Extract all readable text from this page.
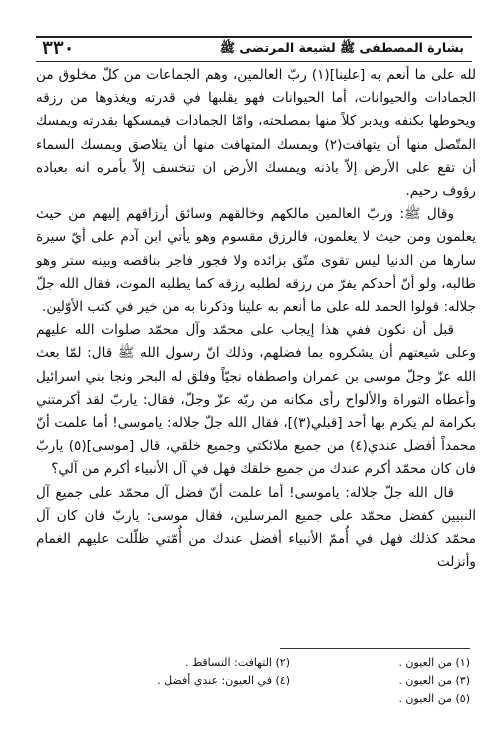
بشارة المصطفى ﷺ لشيعة المرتضى ﷺ
٣٣٠

لله على ما أنعم به [علينا](١) ربّ العالمين، وهم الجماعات من كلّ مخلوق من الجمادات والحيوانات، أما الحيوانات فهو يقلبها في قدرته ويغذوها من رزقه ويحوطها بكنفه ويدبر كلاً منها بمصلحته، وامّا الجمادات فيمسكها بقدرته ويمسك المتّصل منها أن يتهافت(٢) ويمسك المتهافت منها أن يتلاصق ويمسك السماء أن تقع على الأرض إلاّ باذنه ويمسك الأرض ان تنخسف إلاّ بأمره انه بعباده رؤوف رحيم.

وقال ﷺ: وربّ العالمين مالكهم وخالقهم وسائق أرزاقهم إليهم من حيث يعلمون ومن حيث لا يعلمون، فالرزق مقسوم وهو يأتي ابن آدم على أيّ سيرة سارها من الدنيا ليس تقوى متّق بزائده ولا فجور فاجر بناقصه وبينه ستر وهو طالبه، ولو أنّ أحدكم يفرّ من رزقه لطلبه رزقه كما يطلبه الموت، فقال الله جلّ جلاله: قولوا الحمد لله على ما أنعم به علينا وذكرنا به من خير في كتب الأوّلين.

قبل أن نكون ففي هذا إيجاب على محمّد وآل محمّد صلوات الله عليهم وعلى شيعتهم أن يشكروه بما فضلهم، وذلك انّ رسول الله ﷺ قال: لمّا بعث الله عزّ وجلّ موسى بن عمران واصطفاه نجيّاً وفلق له البحر ونجا بني اسرائيل وأعطاه التوراة والألواح رأى مكانه من ربّه عزّ وجلّ، فقال: ياربّ لقد أكرمتني بكرامة لم يكرم بها أحد [قبلي(٣)]، فقال الله جلّ جلاله: ياموسى! أما علمت أنّ محمداً أفضل عندي(٤) من جميع ملائكتي وجميع خلقي، قال [موسى](٥) ياربّ فان كان محمّد أكرم عندك من جميع خلقك فهل في آل الأنبياء أكرم من آلي؟

قال الله جلّ جلاله: ياموسى! أما علمت أنّ فضل آل محمّد على جميع آل النبيين كفضل محمّد على جميع المرسلين، فقال موسى: ياربّ فان كان آل محمّد كذلك فهل في أُممّ الأنبياء أفضل عندك من أُمّتي ظلّلت عليهم الغمام وأنزلت

(١) من العيون .
(٢) التهافت: التساقط .
(٣) من العيون .
(٤) في العيون: عندي أفضل .
(٥) من العيون .
